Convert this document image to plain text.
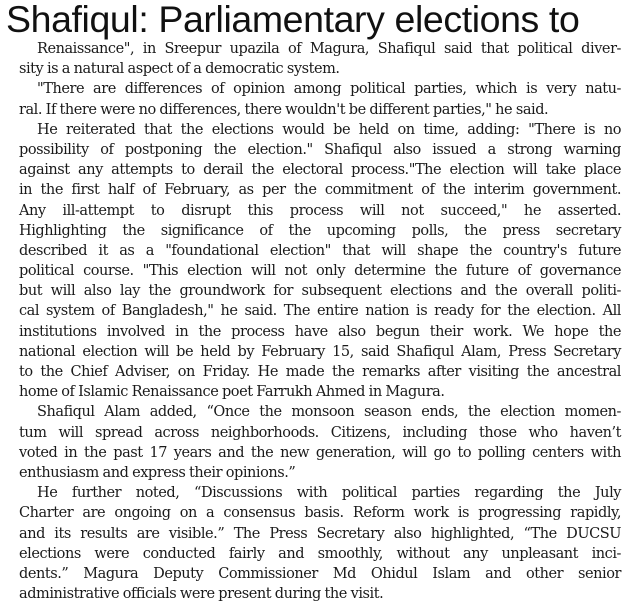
Shafiqul: Parliamentary elections to
Renaissance", in Sreepur upazila of Magura, Shafiqul said that political diver-
sity is a natural aspect of a democratic system.
"There are differences of opinion among political parties, which is very natu-
ral. If there were no differences, there wouldn't be different parties," he said.
He reiterated that the elections would be held on time, adding: "There is no
possibility of postponing the election." Shafiqul also issued a strong warning
against any attempts to derail the electoral process."The election will take place
in the first half of February, as per the commitment of the interim government.
Any ill-attempt to disrupt this process will not succeed," he asserted.
Highlighting the significance of the upcoming polls, the press secretary
described it as a "foundational election" that will shape the country's future
political course. "This election will not only determine the future of governance
but will also lay the groundwork for subsequent elections and the overall politi-
cal system of Bangladesh," he said. The entire nation is ready for the election. All
institutions involved in the process have also begun their work. We hope the
national election will be held by February 15, said Shafiqul Alam, Press Secretary
to the Chief Adviser, on Friday. He made the remarks after visiting the ancestral
home of Islamic Renaissance poet Farrukh Ahmed in Magura.
Shafiqul Alam added, “Once the monsoon season ends, the election momen-
tum will spread across neighborhoods. Citizens, including those who haven’t
voted in the past 17 years and the new generation, will go to polling centers with
enthusiasm and express their opinions.”
He further noted, “Discussions with political parties regarding the July
Charter are ongoing on a consensus basis. Reform work is progressing rapidly,
and its results are visible.” The Press Secretary also highlighted, “The DUCSU
elections were conducted fairly and smoothly, without any unpleasant inci-
dents.” Magura Deputy Commissioner Md Ohidul Islam and other senior
administrative officials were present during the visit.
